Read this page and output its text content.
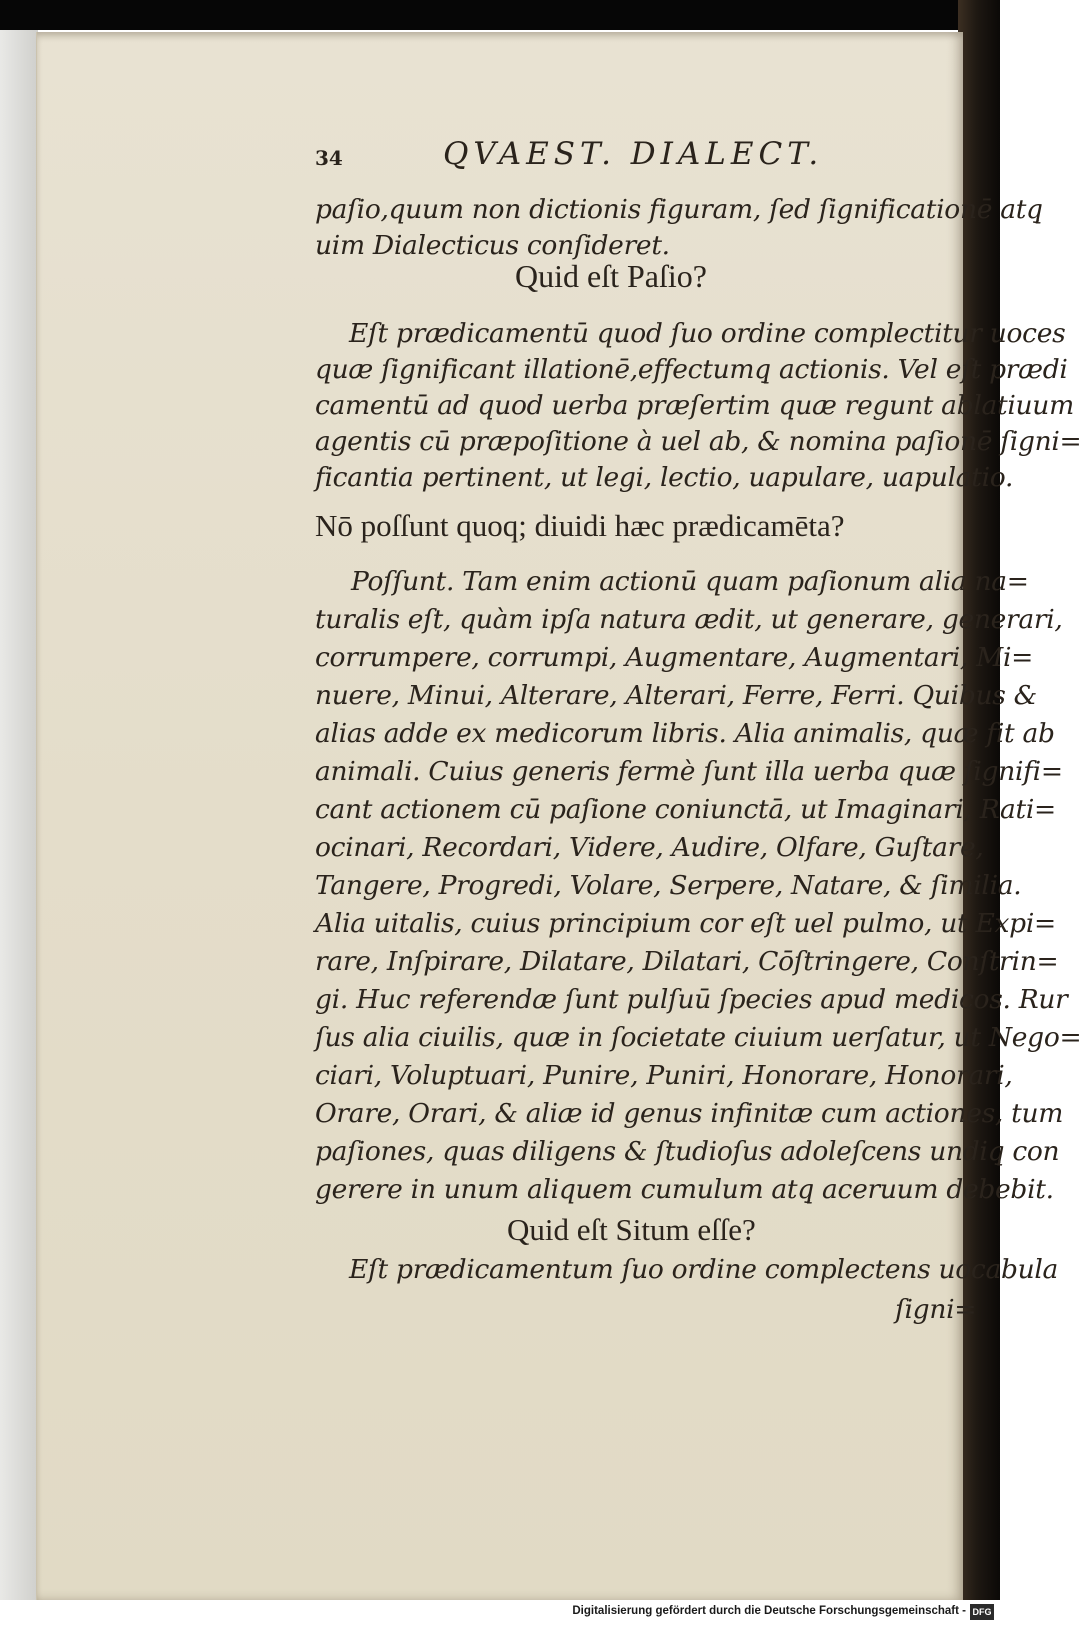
34	QVAEST. DIALECT.
paſio,quum non dictionis figuram, ſed ſignificationē atq̧
uim Dialecticus conſideret.
Quid eſt Paſio?
Eſt prædicamentū quod ſuo ordine complectitur uoces
quæ ſignificant illationē,effectumq̧ actionis. Vel eſt prædi
camentū ad quod uerba præſertim quæ regunt ablatiuum
agentis cū præpoſitione à uel ab, & nomina paſionē ſigni=
ficantia pertinent, ut legi, lectio, uapulare, uapulatio.
Nō poſſunt quoq; diuidi hæc prædicamēta?
Poſſunt. Tam enim actionū quam paſionum alia na=
turalis eſt, quàm ipſa natura ædit, ut generare, generari,
corrumpere, corrumpi, Augmentare, Augmentari, Mi=
nuere, Minui, Alterare, Alterari, Ferre, Ferri. Quibus &
alias adde ex medicorum libris. Alia animalis, quæ fit ab
animali. Cuius generis fermè ſunt illa uerba quæ ſignifi=
cant actionem cū paſione coniunctā, ut Imaginari, Rati=
ocinari, Recordari, Videre, Audire, Olfare, Guſtare,
Tangere, Progredi, Volare, Serpere, Natare, & ſimilia.
Alia uitalis, cuius principium cor eſt uel pulmo, ut Expi=
rare, Inſpirare, Dilatare, Dilatari, Cōſtringere, Conſtrin=
gi. Huc referendæ ſunt pulſuū ſpecies apud medicos. Rur
ſus alia ciuilis, quæ in ſocietate ciuium uerſatur, ut Nego=
ciari, Voluptuari, Punire, Puniri, Honorare, Honorari,
Orare, Orari, & aliæ id genus infinitæ cum actiones, tum
paſiones, quas diligens & ſtudioſus adoleſcens undiq̧ con
gerere in unum aliquem cumulum atq̧ aceruum debebit.
Quid eſt Situm eſſe?
Eſt prædicamentum ſuo ordine complectens uocabula
ſigni=
Digitalisierung gefördert durch die Deutsche Forschungsgemeinschaft - DFG
